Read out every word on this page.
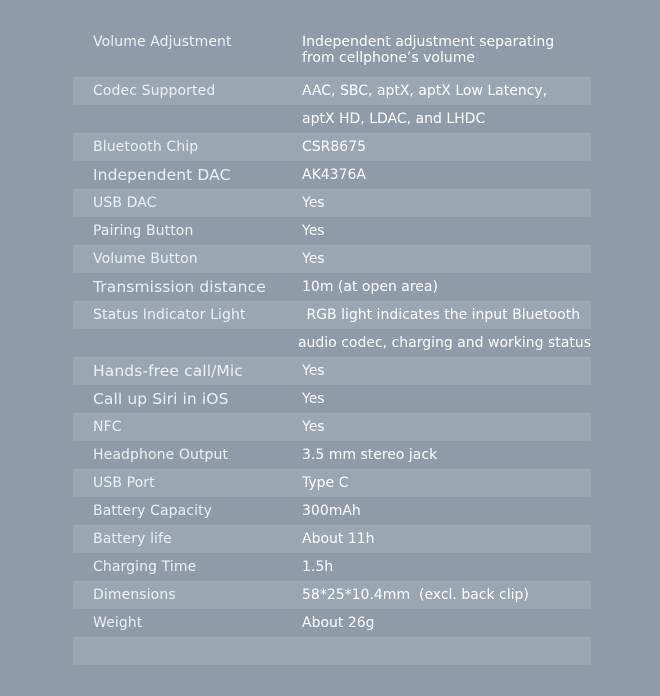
Volume Adjustment	Independent adjustment separating
from cellphone’s volume
Codec Supported	AAC, SBC, aptX, aptX Low Latency,
aptX HD, LDAC, and LHDC
Bluetooth Chip	CSR8675
Independent DAC	AK4376A
USB DAC	Yes
Pairing Button	Yes
Volume Button	Yes
Transmission distance	10m (at open area)
Status Indicator Light	RGB light indicates the input Bluetooth
audio codec, charging and working status
Hands-free call/Mic	Yes
Call up Siri in iOS	Yes
NFC	Yes
Headphone Output	3.5 mm stereo jack
USB Port	Type C
Battery Capacity	300mAh
Battery life	About 11h
Charging Time	1.5h
Dimensions	58*25*10.4mm  (excl. back clip)
Weight	About 26g
